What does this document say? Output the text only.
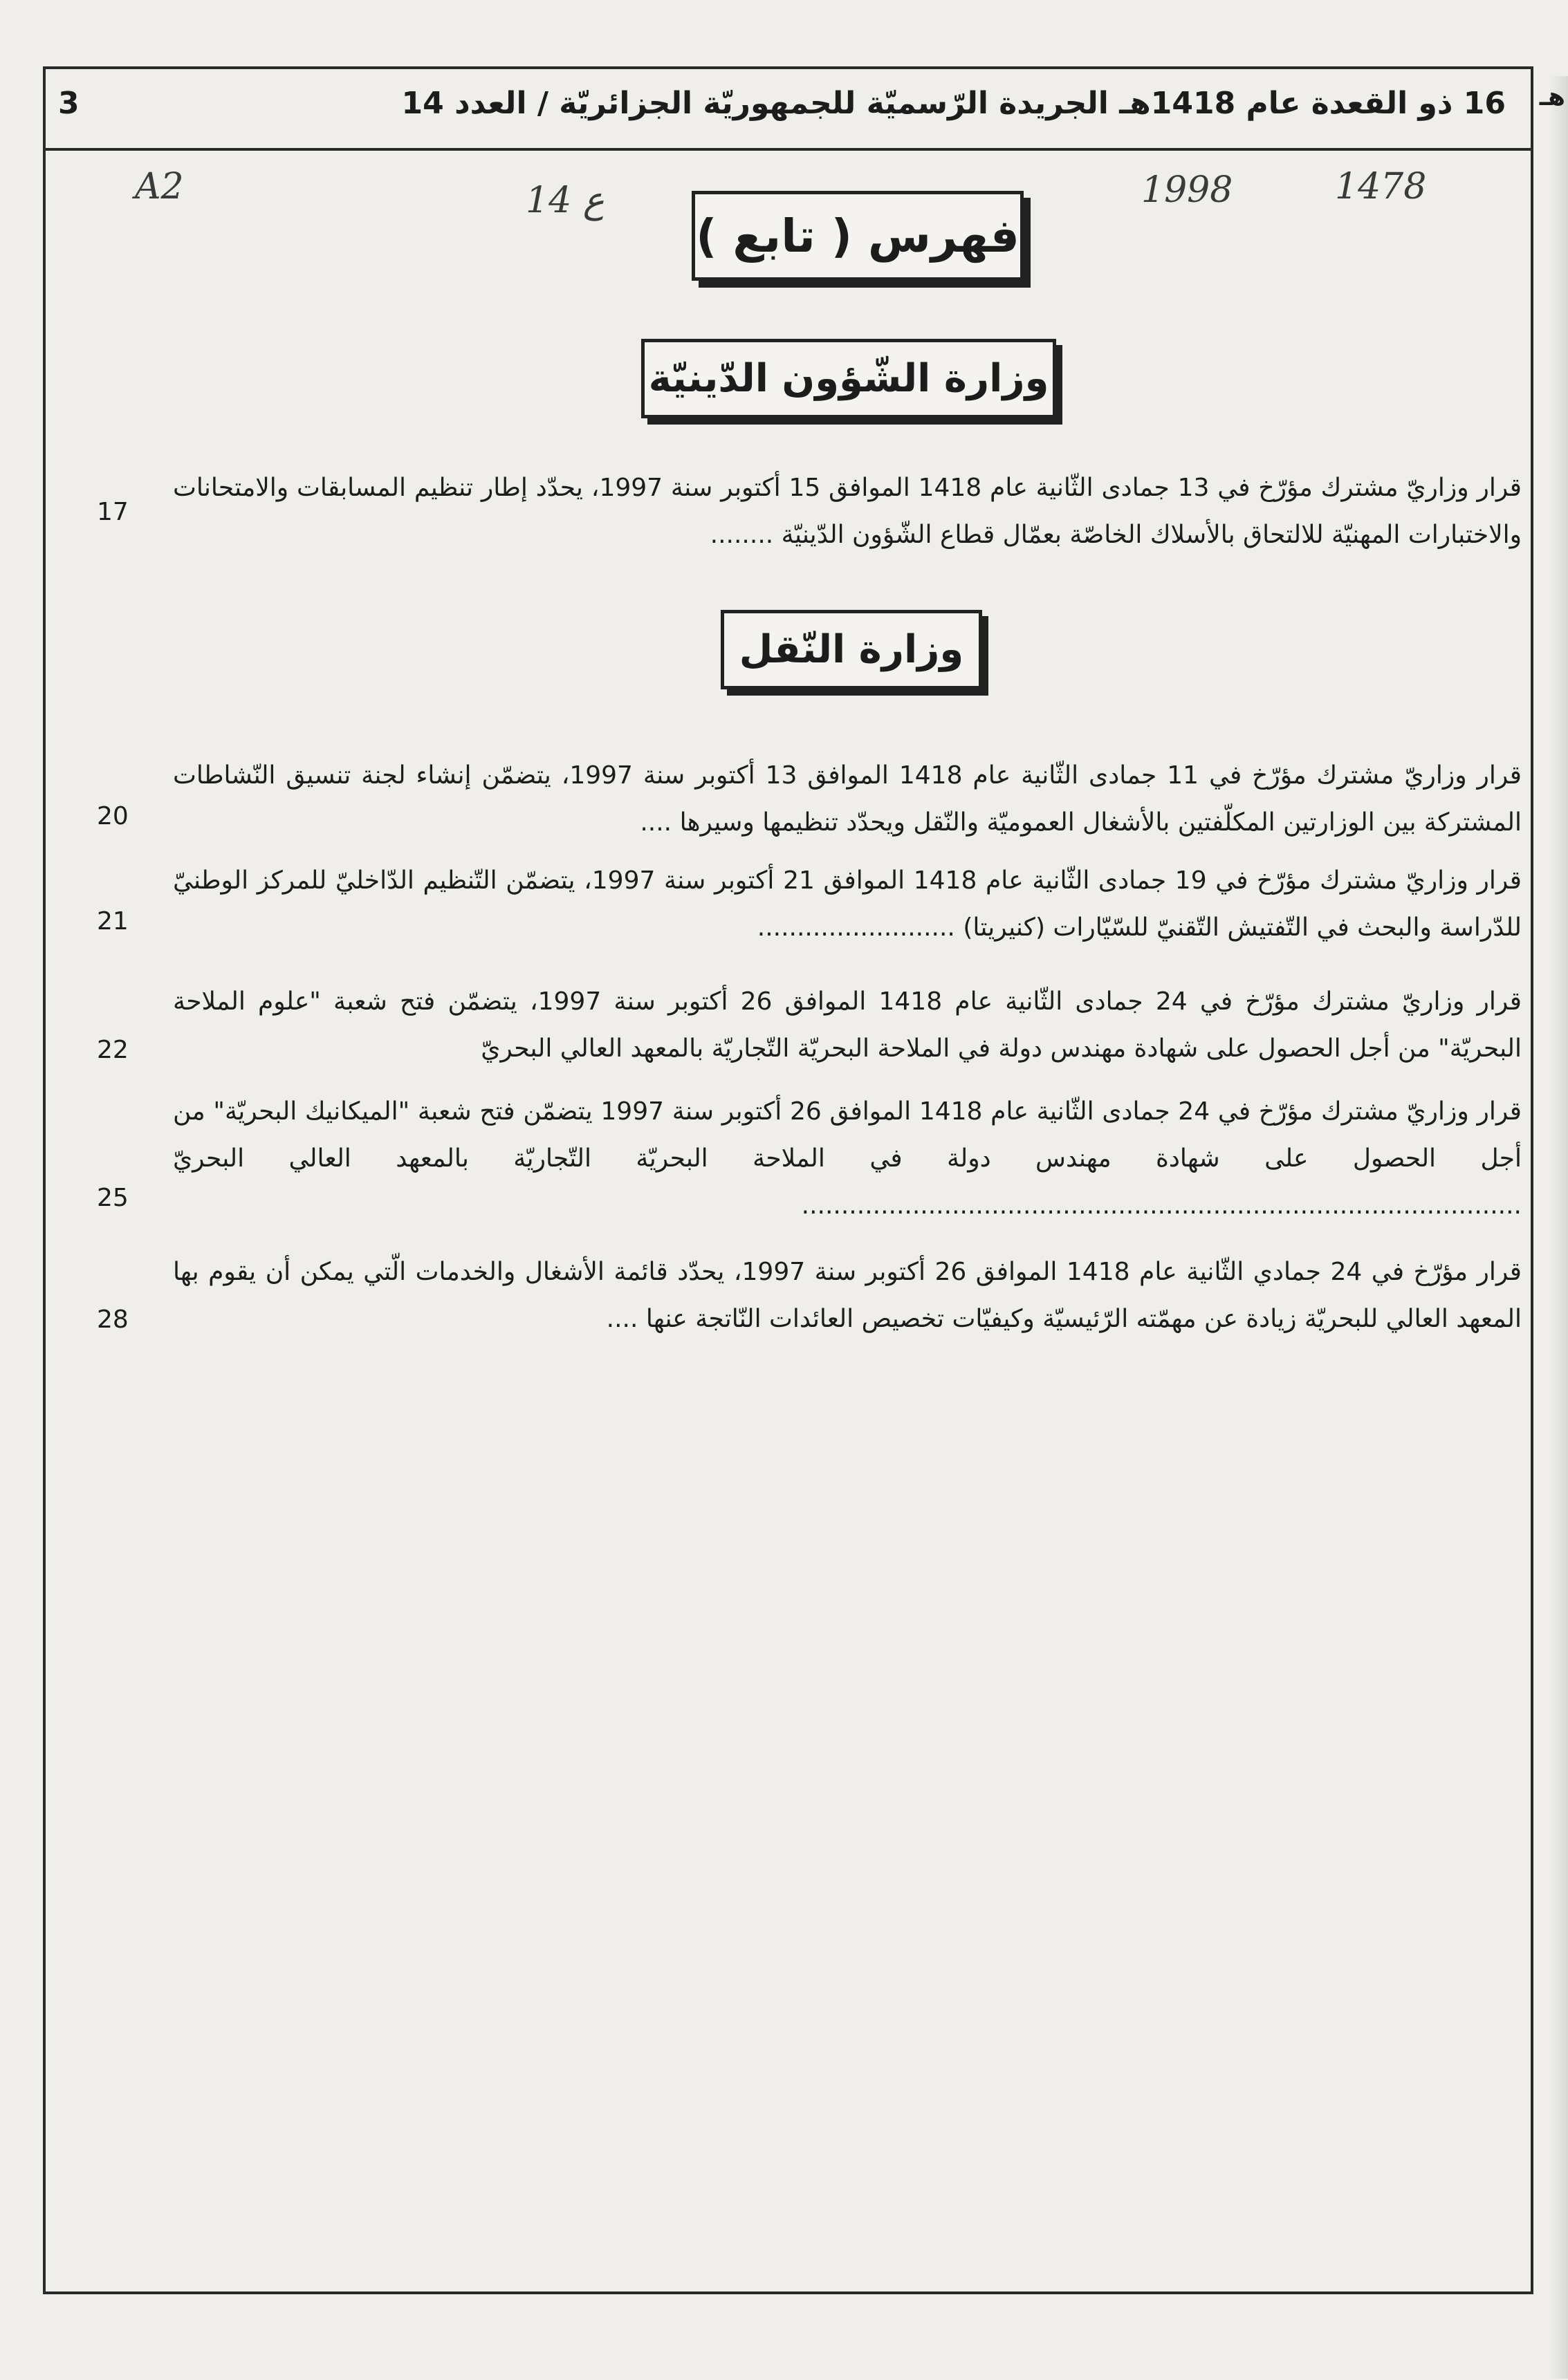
16 ذو القعدة عام 1418هـ الجريدة الرّسميّة للجمهوريّة الجزائريّة / العدد 14
3	هـ
A2	14 ع	1998	1478
فهرس ( تابع )
وزارة الشّؤون الدّينيّة
وزارة النّقل
قرار وزاريّ مشترك مؤرّخ في 13 جمادى الثّانية عام 1418 الموافق 15 أكتوبر سنة 1997، يحدّد إطار تنظيم المسابقات والامتحانات والاختبارات المهنيّة للالتحاق بالأسلاك الخاصّة بعمّال قطاع الشّؤون الدّينيّة ........
17
قرار وزاريّ مشترك مؤرّخ في 11 جمادى الثّانية عام 1418 الموافق 13 أكتوبر سنة 1997، يتضمّن إنشاء لجنة تنسيق النّشاطات المشتركة بين الوزارتين المكلّفتين بالأشغال العموميّة والنّقل ويحدّد تنظيمها وسيرها ....
20
قرار وزاريّ مشترك مؤرّخ في 19 جمادى الثّانية عام 1418 الموافق 21 أكتوبر سنة 1997، يتضمّن التّنظيم الدّاخليّ للمركز الوطنيّ للدّراسة والبحث في التّفتيش التّقنيّ للسّيّارات (كنيريتا) .........................
21
قرار وزاريّ مشترك مؤرّخ في 24 جمادى الثّانية عام 1418 الموافق 26 أكتوبر سنة 1997، يتضمّن فتح شعبة "علوم الملاحة البحريّة" من أجل الحصول على شهادة مهندس دولة في الملاحة البحريّة التّجاريّة بالمعهد العالي البحريّ
22
قرار وزاريّ مشترك مؤرّخ في 24 جمادى الثّانية عام 1418 الموافق 26 أكتوبر سنة 1997 يتضمّن فتح شعبة "الميكانيك البحريّة" من أجل الحصول على شهادة مهندس دولة في الملاحة البحريّة التّجاريّة بالمعهد العالي البحريّ ...........................................................................................
25
قرار مؤرّخ في 24 جمادي الثّانية عام 1418 الموافق 26 أكتوبر سنة 1997، يحدّد قائمة الأشغال والخدمات الّتي يمكن أن يقوم بها المعهد العالي للبحريّة زيادة عن مهمّته الرّئيسيّة وكيفيّات تخصيص العائدات النّاتجة عنها ....
28
